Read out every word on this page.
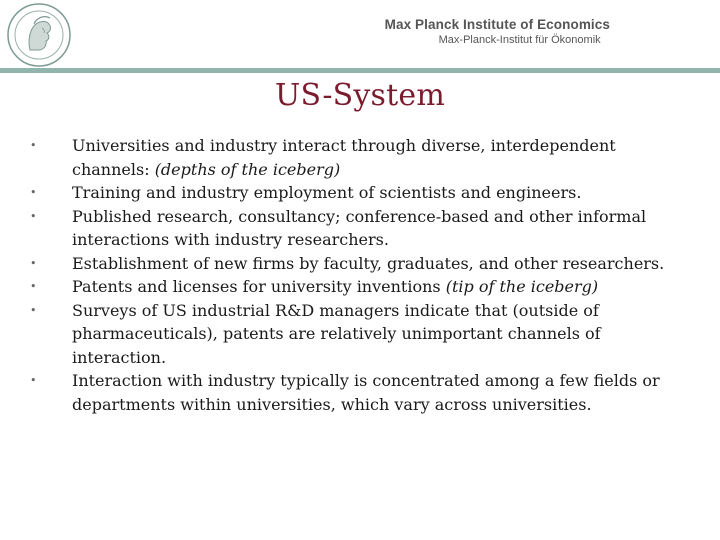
Max Planck Institute of Economics
Max-Planck-Institut für Ökonomik
US-System
• Universities and industry interact through diverse, interdependent channels: (depths of the iceberg)
• Training and industry employment of scientists and engineers.
• Published research, consultancy; conference-based and other informal interactions with industry researchers.
• Establishment of new firms by faculty, graduates, and other researchers.
• Patents and licenses for university inventions (tip of the iceberg)
• Surveys of US industrial R&D managers indicate that (outside of pharmaceuticals), patents are relatively unimportant channels of interaction.
• Interaction with industry typically is concentrated among a few fields or departments within universities, which vary across universities.
